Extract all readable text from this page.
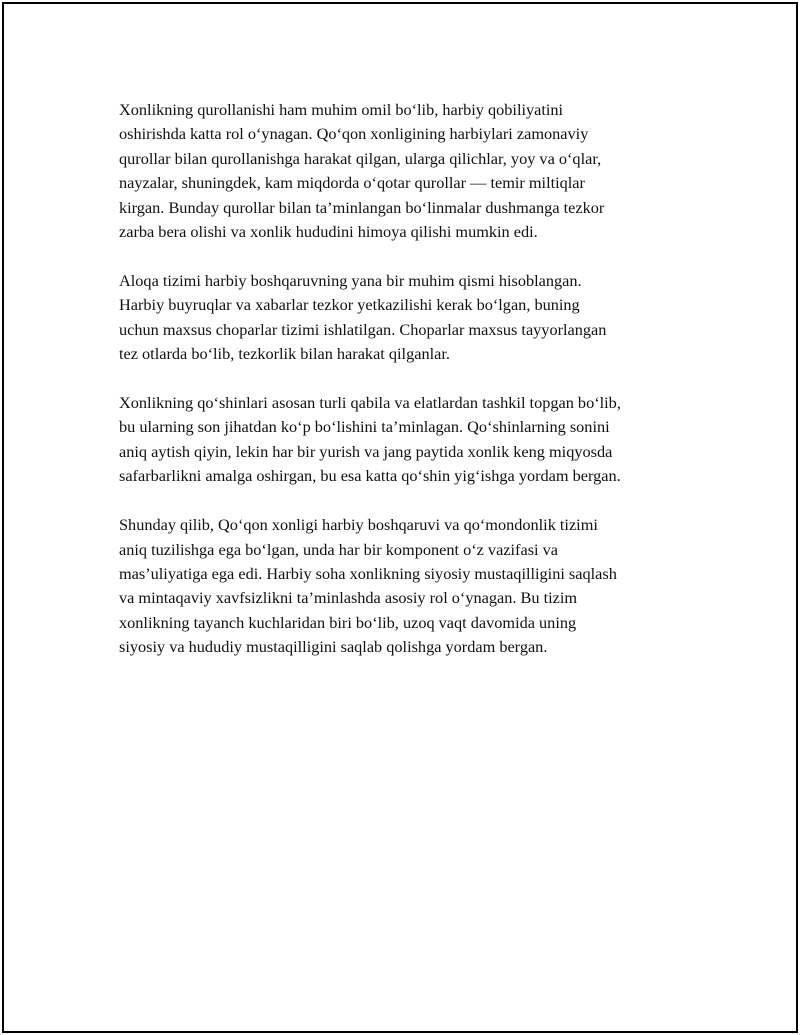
Xonlikning qurollanishi ham muhim omil bo‘lib, harbiy qobiliyatini
oshirishda katta rol o‘ynagan. Qo‘qon xonligining harbiylari zamonaviy
qurollar bilan qurollanishga harakat qilgan, ularga qilichlar, yoy va o‘qlar,
nayzalar, shuningdek, kam miqdorda o‘qotar qurollar — temir miltiqlar
kirgan. Bunday qurollar bilan ta’minlangan bo‘linmalar dushmanga tezkor
zarba bera olishi va xonlik hududini himoya qilishi mumkin edi.

Aloqa tizimi harbiy boshqaruvning yana bir muhim qismi hisoblangan.
Harbiy buyruqlar va xabarlar tezkor yetkazilishi kerak bo‘lgan, buning
uchun maxsus choparlar tizimi ishlatilgan. Choparlar maxsus tayyorlangan
tez otlarda bo‘lib, tezkorlik bilan harakat qilganlar.

Xonlikning qo‘shinlari asosan turli qabila va elatlardan tashkil topgan bo‘lib,
bu ularning son jihatdan ko‘p bo‘lishini ta’minlagan. Qo‘shinlarning sonini
aniq aytish qiyin, lekin har bir yurish va jang paytida xonlik keng miqyosda
safarbarlikni amalga oshirgan, bu esa katta qo‘shin yig‘ishga yordam bergan.

Shunday qilib, Qo‘qon xonligi harbiy boshqaruvi va qo‘mondonlik tizimi
aniq tuzilishga ega bo‘lgan, unda har bir komponent o‘z vazifasi va
mas’uliyatiga ega edi. Harbiy soha xonlikning siyosiy mustaqilligini saqlash
va mintaqaviy xavfsizlikni ta’minlashda asosiy rol o‘ynagan. Bu tizim
xonlikning tayanch kuchlaridan biri bo‘lib, uzoq vaqt davomida uning
siyosiy va hududiy mustaqilligini saqlab qolishga yordam bergan.
